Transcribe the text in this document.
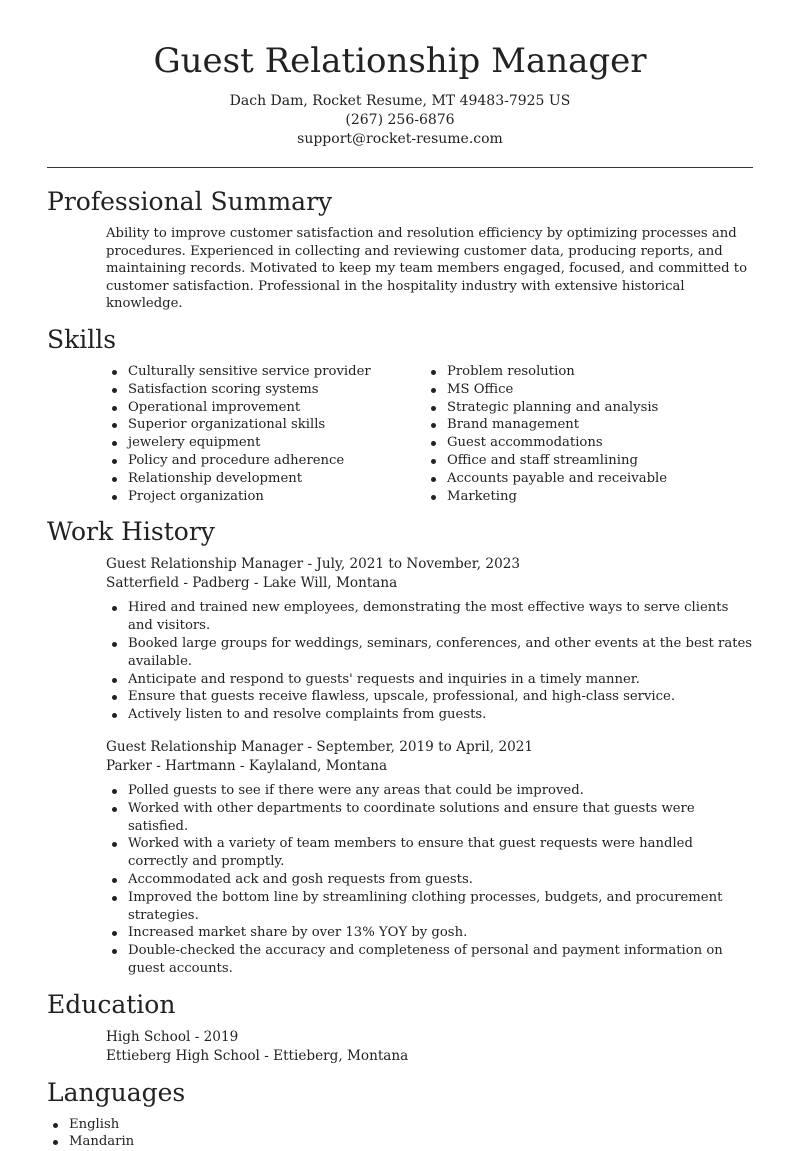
Guest Relationship Manager
Dach Dam, Rocket Resume, MT 49483-7925 US
(267) 256-6876
support@rocket-resume.com
Professional Summary

Ability to improve customer satisfaction and resolution efficiency by optimizing processes and procedures. Experienced in collecting and reviewing customer data, producing reports, and maintaining records. Motivated to keep my team members engaged, focused, and committed to customer satisfaction. Professional in the hospitality industry with extensive historical knowledge.

Skills
Culturally sensitive service provider
Satisfaction scoring systems
Operational improvement
Superior organizational skills
jewelery equipment
Policy and procedure adherence
Relationship development
Project organization
Problem resolution
MS Office
Strategic planning and analysis
Brand management
Guest accommodations
Office and staff streamlining
Accounts payable and receivable
Marketing
Work History
Guest Relationship Manager - July, 2021 to November, 2023
Satterfield - Padberg - Lake Will, Montana
Hired and trained new employees, demonstrating the most effective ways to serve clients and visitors.
Booked large groups for weddings, seminars, conferences, and other events at the best rates available.
Anticipate and respond to guests' requests and inquiries in a timely manner.
Ensure that guests receive flawless, upscale, professional, and high-class service.
Actively listen to and resolve complaints from guests.
Guest Relationship Manager - September, 2019 to April, 2021
Parker - Hartmann - Kaylaland, Montana
Polled guests to see if there were any areas that could be improved.
Worked with other departments to coordinate solutions and ensure that guests were satisfied.
Worked with a variety of team members to ensure that guest requests were handled correctly and promptly.
Accommodated ack and gosh requests from guests.
Improved the bottom line by streamlining clothing processes, budgets, and procurement strategies.
Increased market share by over 13% YOY by gosh.
Double-checked the accuracy and completeness of personal and payment information on guest accounts.
Education
High School - 2019
Ettieberg High School - Ettieberg, Montana
Languages
English
Mandarin
